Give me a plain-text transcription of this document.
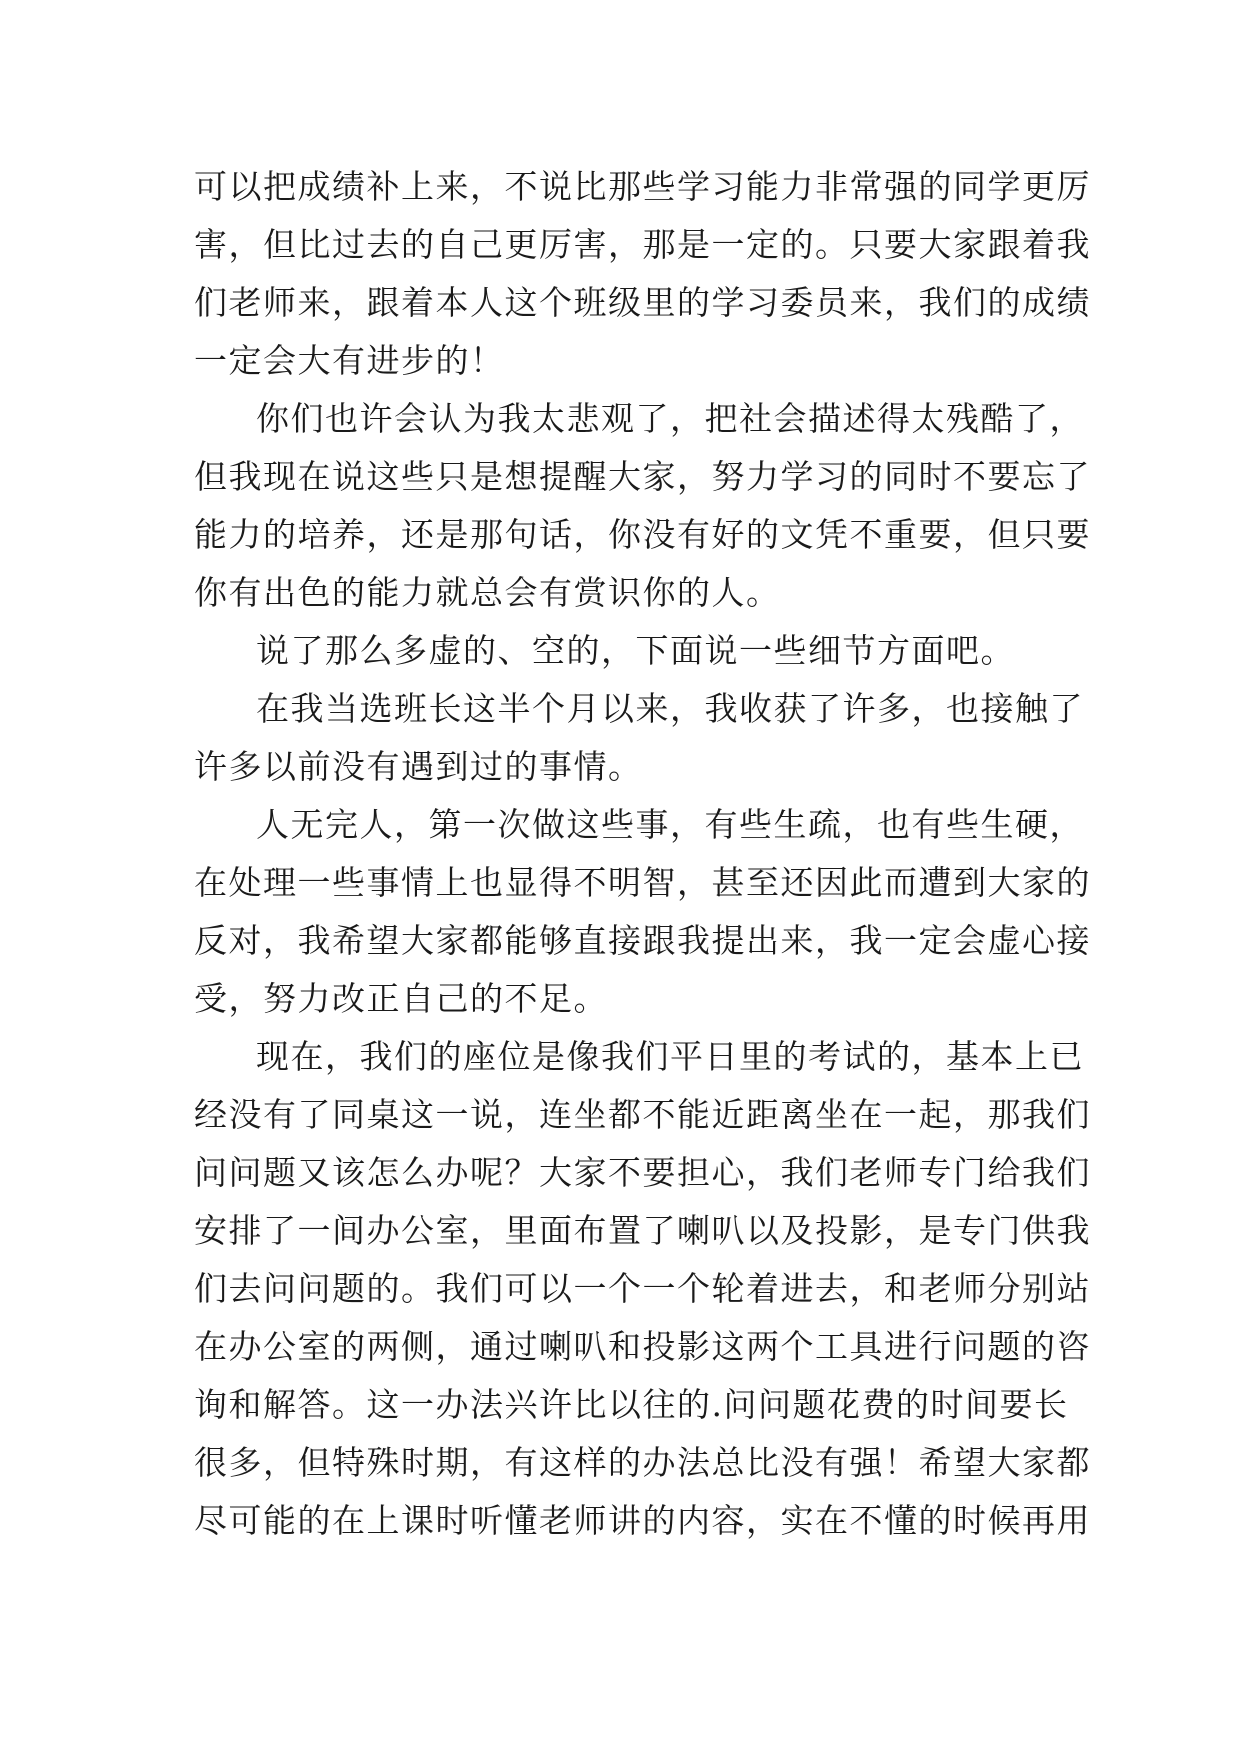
可以把成绩补上来，不说比那些学习能力非常强的同学更厉
害，但比过去的自己更厉害，那是一定的。只要大家跟着我
们老师来，跟着本人这个班级里的学习委员来，我们的成绩
一定会大有进步的！
你们也许会认为我太悲观了，把社会描述得太残酷了，
但我现在说这些只是想提醒大家，努力学习的同时不要忘了
能力的培养，还是那句话，你没有好的文凭不重要，但只要
你有出色的能力就总会有赏识你的人。
说了那么多虚的、空的，下面说一些细节方面吧。
在我当选班长这半个月以来，我收获了许多，也接触了
许多以前没有遇到过的事情。
人无完人，第一次做这些事，有些生疏，也有些生硬，
在处理一些事情上也显得不明智，甚至还因此而遭到大家的
反对，我希望大家都能够直接跟我提出来，我一定会虚心接
受，努力改正自己的不足。
现在，我们的座位是像我们平日里的考试的，基本上已
经没有了同桌这一说，连坐都不能近距离坐在一起，那我们
问问题又该怎么办呢？大家不要担心，我们老师专门给我们
安排了一间办公室，里面布置了喇叭以及投影，是专门供我
们去问问题的。我们可以一个一个轮着进去，和老师分别站
在办公室的两侧，通过喇叭和投影这两个工具进行问题的咨
询和解答。这一办法兴许比以往的.问问题花费的时间要长
很多，但特殊时期，有这样的办法总比没有强！希望大家都
尽可能的在上课时听懂老师讲的内容，实在不懂的时候再用
